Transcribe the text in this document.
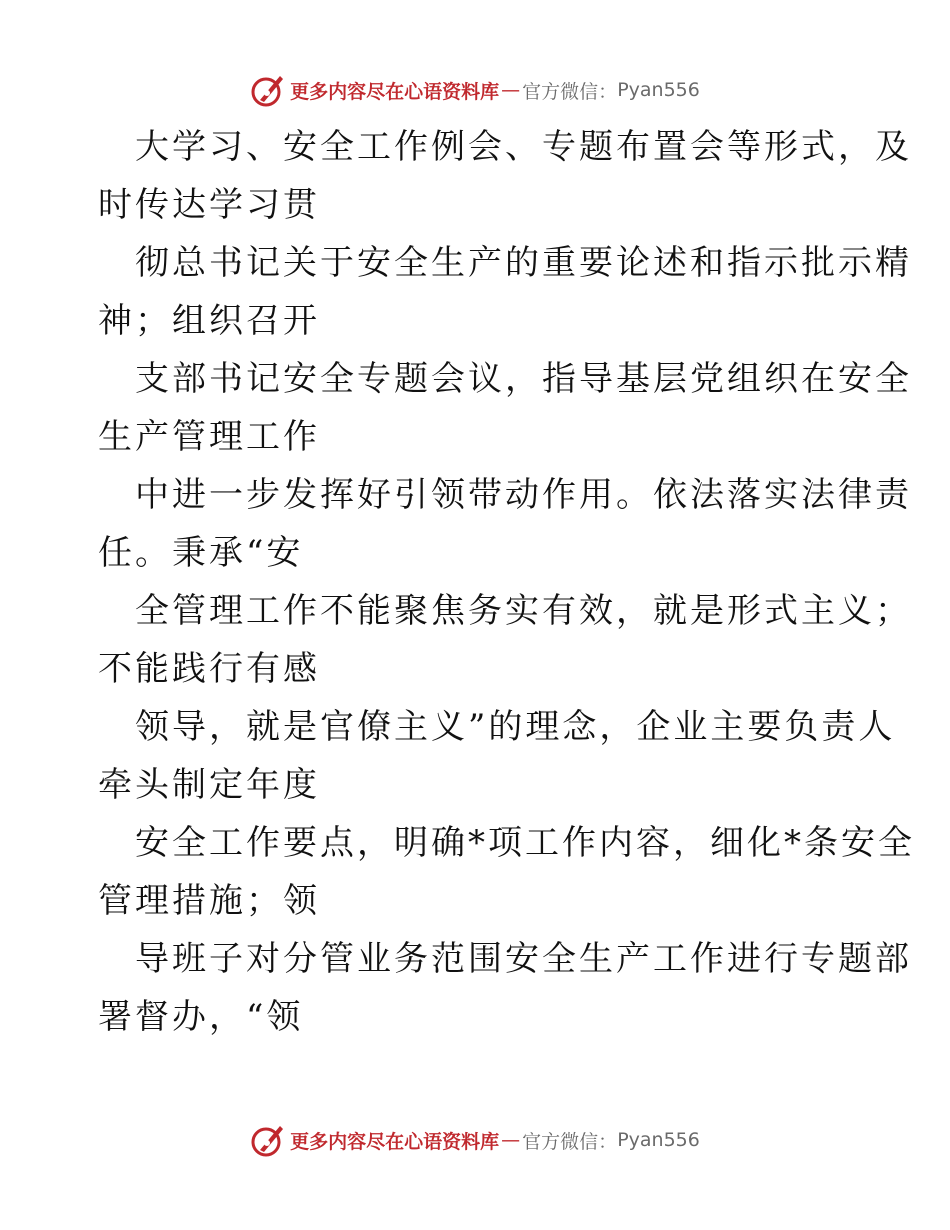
更多内容尽在心语资料库 — 官方微信： Pyan556

大学习、安全工作例会、专题布置会等形式，及
时传达学习贯

彻总书记关于安全生产的重要论述和指示批示精
神；组织召开

支部书记安全专题会议，指导基层党组织在安全
生产管理工作

中进一步发挥好引领带动作用。依法落实法律责
任。秉承“安

全管理工作不能聚焦务实有效，就是形式主义；
不能践行有感

领导，就是官僚主义”的理念，企业主要负责人
牵头制定年度

安全工作要点，明确*项工作内容，细化*条安全
管理措施；领

导班子对分管业务范围安全生产工作进行专题部
署督办，“领

更多内容尽在心语资料库 — 官方微信： Pyan556
